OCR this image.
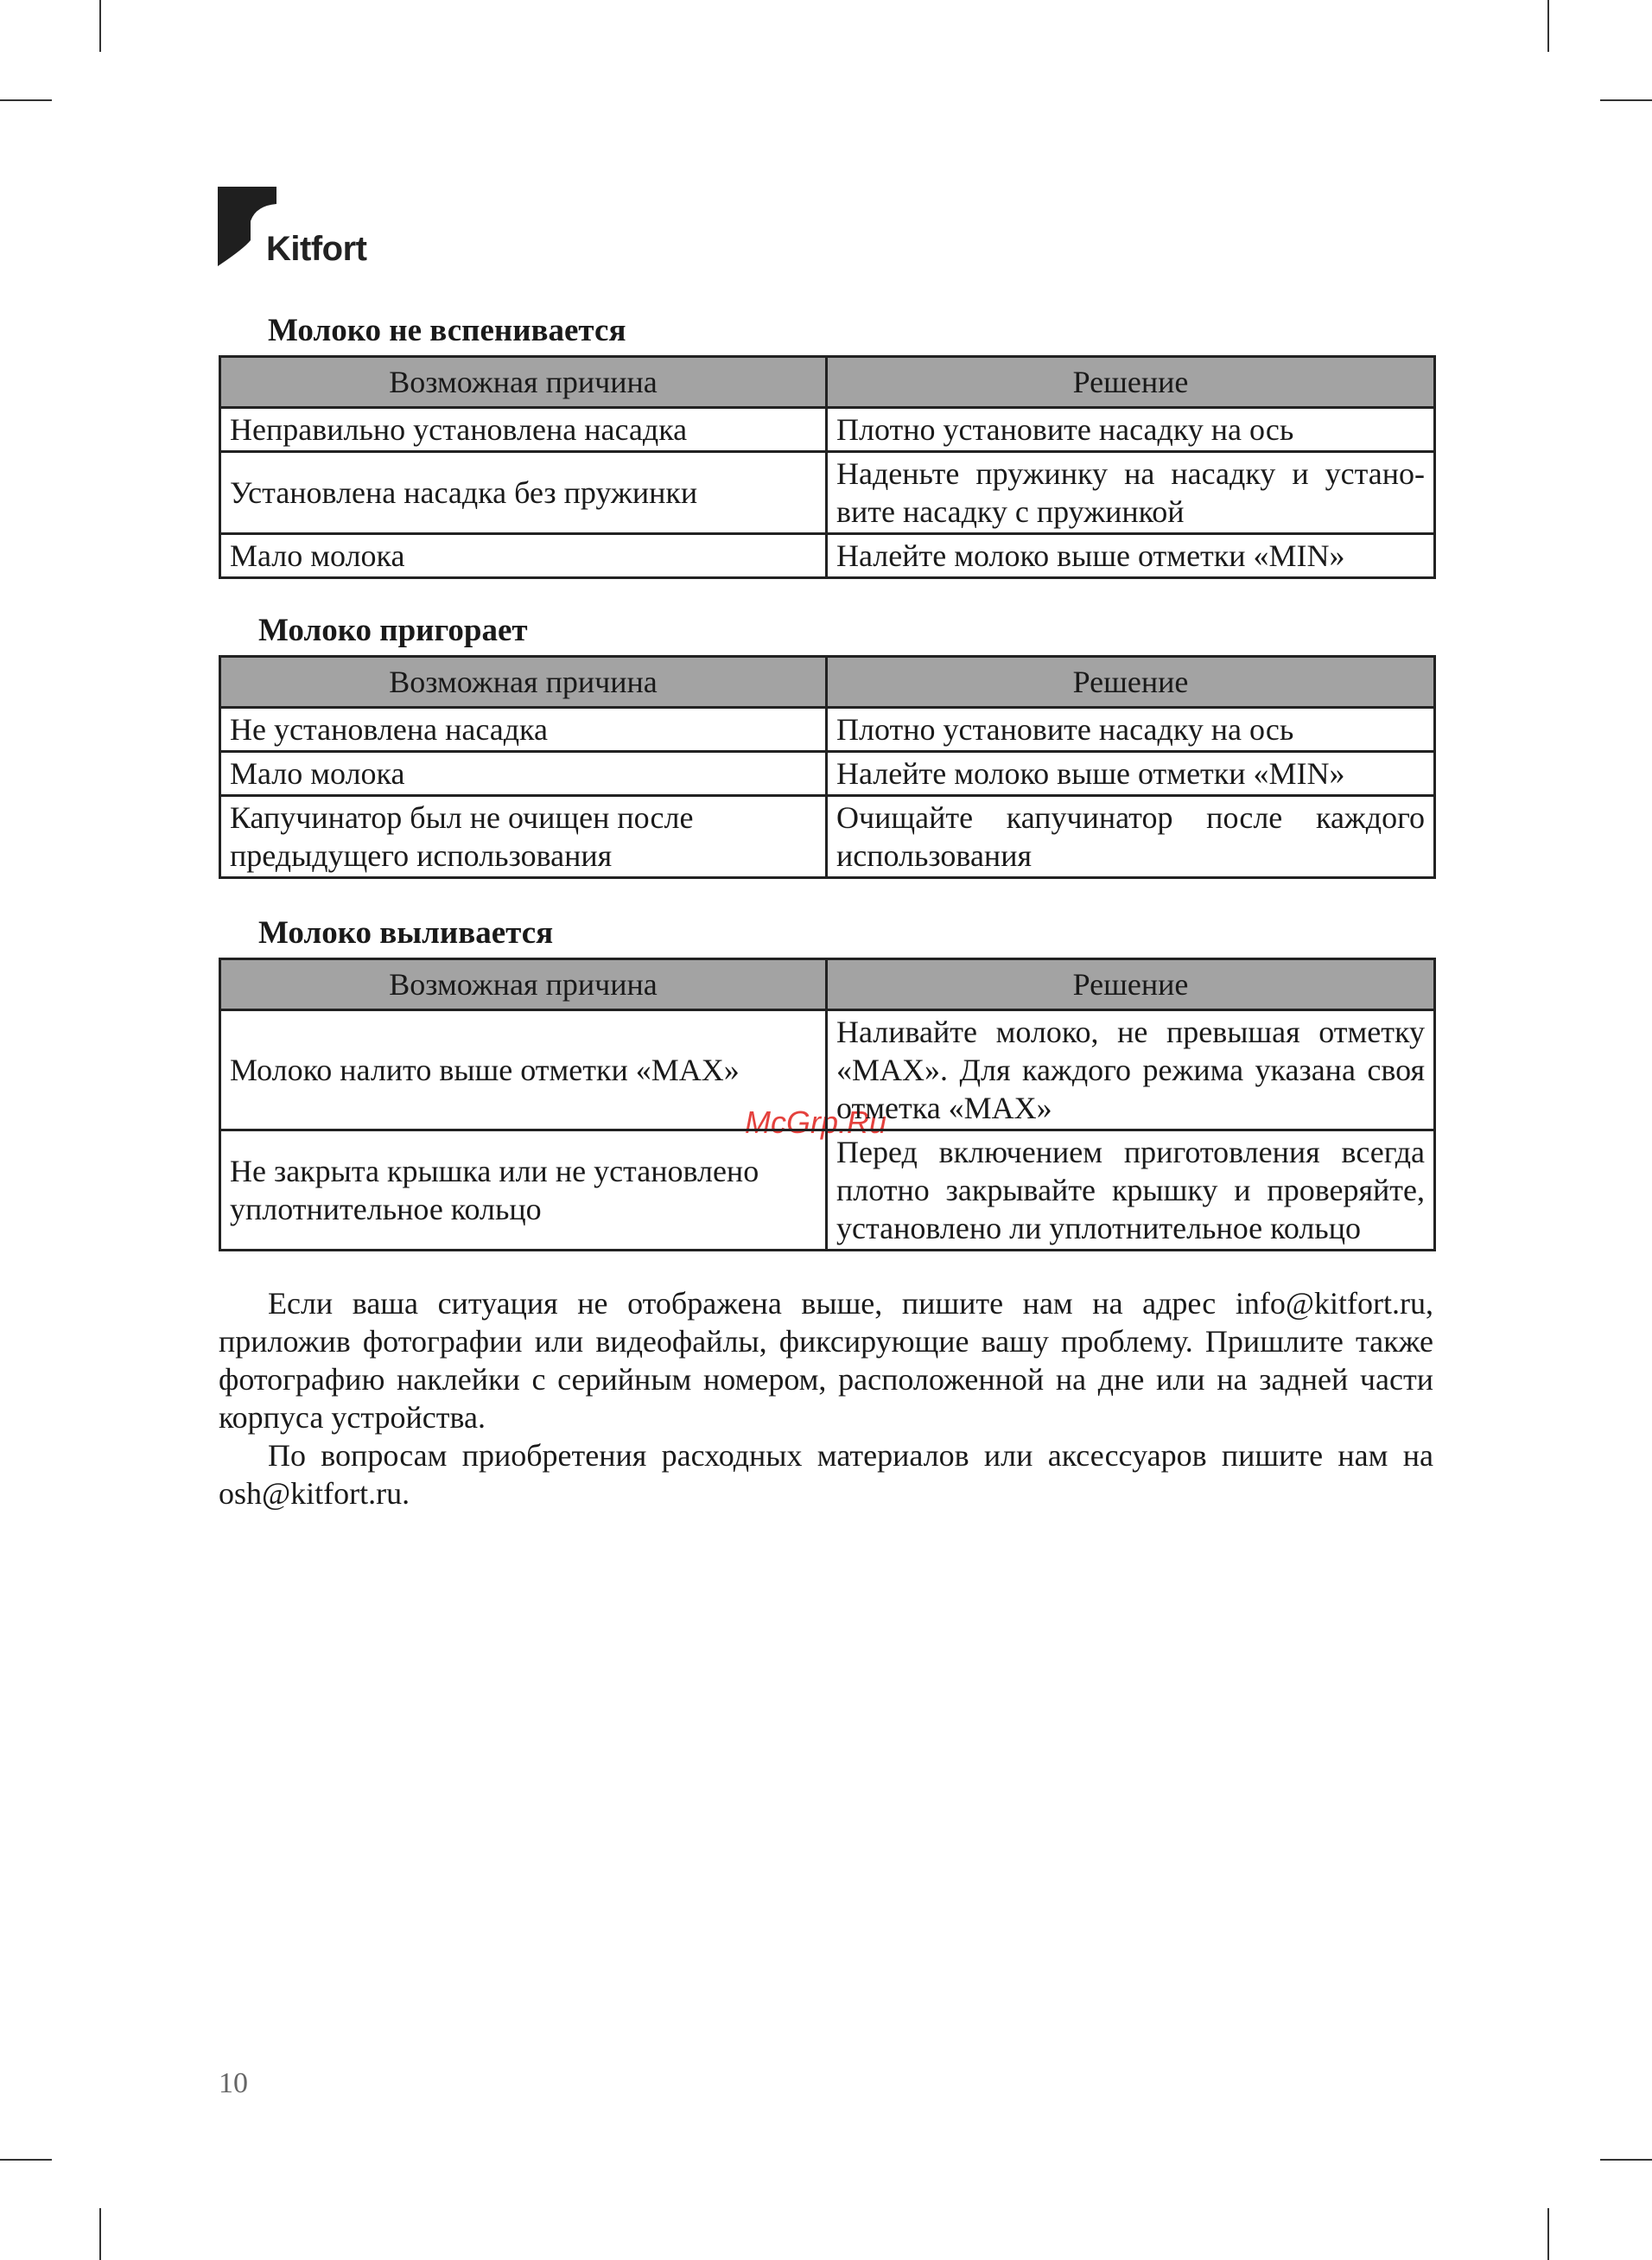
Kitfort
McGrp.Ru
Молоко не вспенивается
Возможная причина	Решение
Неправильно установлена насадка	Плотно установите насадку на ось
Установлена насадка без пружинки	Наденьте пружинку на насадку и устано-вите насадку с пружинкой
Мало молока	Налейте молоко выше отметки «MIN»
Молоко пригорает
Возможная причина	Решение
Не установлена насадка	Плотно установите насадку на ось
Мало молока	Налейте молоко выше отметки «MIN»
Капучинатор был не очищен после предыдущего использования	Очищайте капучинатор после каждого использования
Молоко выливается
Возможная причина	Решение
Молоко налито выше отметки «MAX»	Наливайте молоко, не превышая отметку «MAX». Для каждого режима указана своя отметка «MAX»
Не закрыта крышка или не установлено уплотнительное кольцо	Перед включением приготовления всегда плотно закрывайте крышку и проверяйте, установлено ли уплотнительное кольцо

Если ваша ситуация не отображена выше, пишите нам на адрес info@kitfort.ru, приложив фотографии или видеофайлы, фиксирующие вашу проблему. Пришлите также фотографию наклейки с серийным номером, расположенной на дне или на задней части корпуса устройства.

По вопросам приобретения расходных материалов или аксессуаров пишите нам на osh@kitfort.ru.

10
